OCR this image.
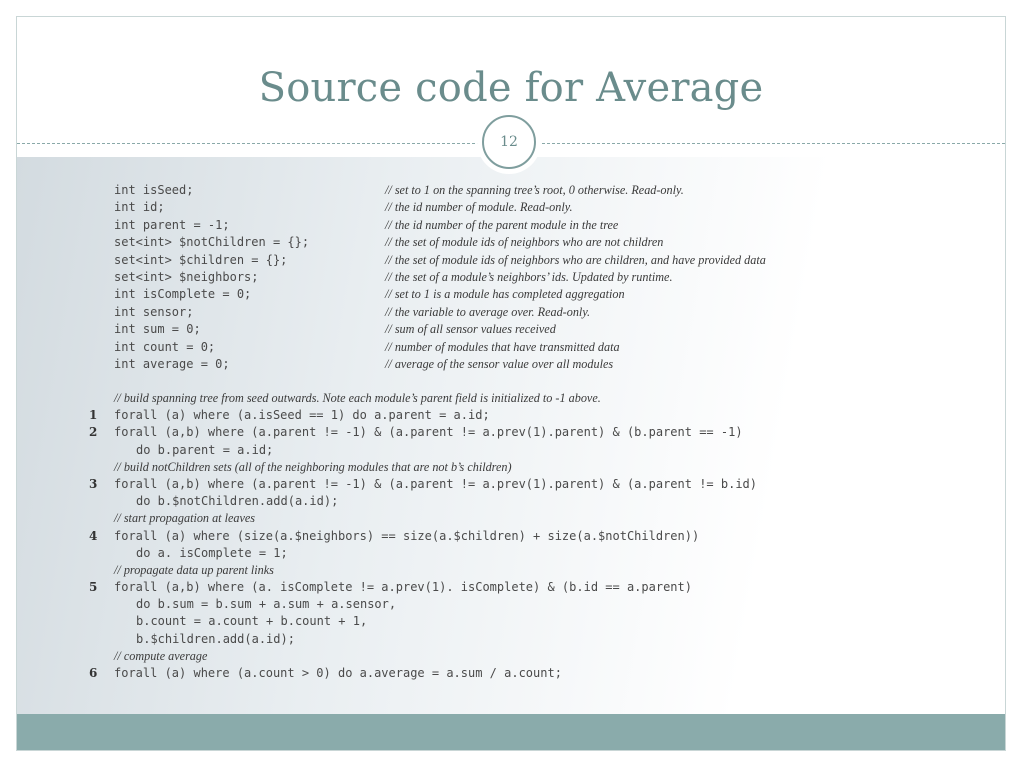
Source code for Average
12
int isSeed;	// set to 1 on the spanning tree’s root, 0 otherwise. Read-only.
int id;	// the id number of module. Read-only.
int parent = -1;	// the id number of the parent module in the tree
set<int> $notChildren = {};	// the set of module ids of neighbors who are not children
set<int> $children = {};	// the set of module ids of neighbors who are children, and have provided data
set<int> $neighbors;	// the set of a module’s neighbors’ ids. Updated by runtime.
int isComplete = 0;	// set to 1 is a module has completed aggregation
int sensor;	// the variable to average over. Read-only.
int sum = 0;	// sum of all sensor values received
int count = 0;	// number of modules that have transmitted data
int average = 0;	// average of the sensor value over all modules

// build spanning tree from seed outwards. Note each module’s parent field is initialized to -1 above.

1

forall (a) where (a.isSeed == 1) do a.parent = a.id;

2

forall (a,b) where (a.parent != -1) & (a.parent != a.prev(1).parent) & (b.parent == -1)

do b.parent = a.id;

// build notChildren sets (all of the neighboring modules that are not b’s children)

3

forall (a,b) where (a.parent != -1) & (a.parent != a.prev(1).parent) & (a.parent != b.id)

do b.$notChildren.add(a.id);

// start propagation at leaves

4

forall (a) where (size(a.$neighbors) == size(a.$children) + size(a.$notChildren))

do a. isComplete = 1;

// propagate data up parent links

5

forall (a,b) where (a. isComplete != a.prev(1). isComplete) & (b.id == a.parent)

do b.sum = b.sum + a.sum + a.sensor,

b.count = a.count + b.count + 1,

b.$children.add(a.id);

// compute average

6

forall (a) where (a.count > 0) do a.average = a.sum / a.count;
